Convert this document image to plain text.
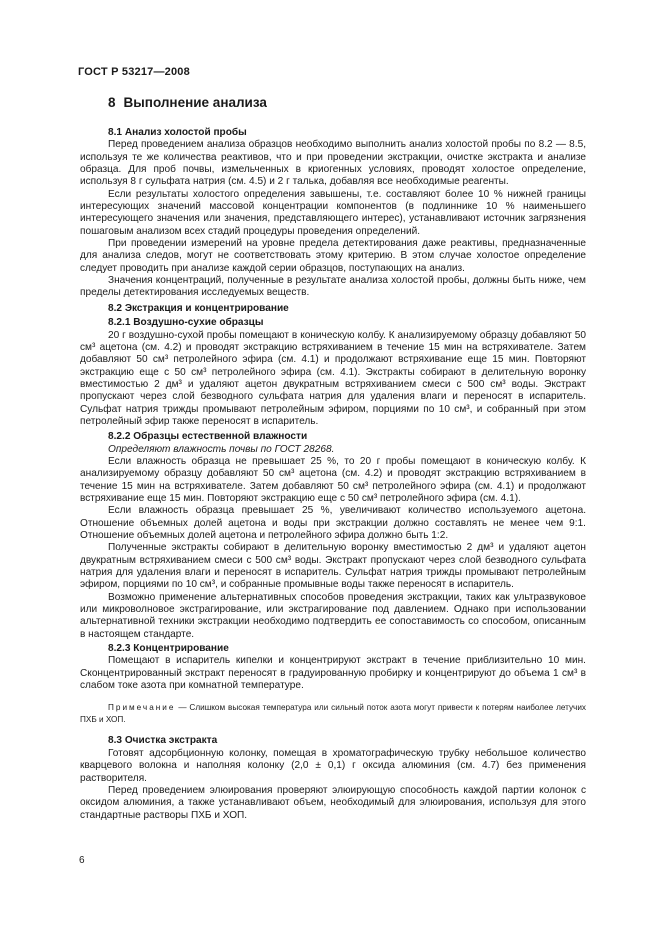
ГОСТ Р 53217—2008
8 Выполнение анализа

8.1 Анализ холостой пробы

Перед проведением анализа образцов необходимо выполнить анализ холостой пробы по 8.2 — 8.5, используя те же количества реактивов, что и при проведении экстракции, очистке экстракта и анализе образца. Для проб почвы, измельченных в криогенных условиях, проводят холостое определение, используя 8 г сульфата натрия (см. 4.5) и 2 г талька, добавляя все необходимые реагенты.

Если результаты холостого определения завышены, т.е. составляют более 10 % нижней границы интересующих значений массовой концентрации компонентов (в подлиннике 10 % наименьшего интересующего значения или значения, представляющего интерес), устанавливают источник загрязнения пошаговым анализом всех стадий процедуры проведения определений.

При проведении измерений на уровне предела детектирования даже реактивы, предназначенные для анализа следов, могут не соответствовать этому критерию. В этом случае холостое определение следует проводить при анализе каждой серии образцов, поступающих на анализ.

Значения концентраций, полученные в результате анализа холостой пробы, должны быть ниже, чем пределы детектирования исследуемых веществ.

8.2 Экстракция и концентрирование

8.2.1 Воздушно-сухие образцы

20 г воздушно-сухой пробы помещают в коническую колбу. К анализируемому образцу добавляют 50 см³ ацетона (см. 4.2) и проводят экстракцию встряхиванием в течение 15 мин на встряхивателе. Затем добавляют 50 см³ петролейного эфира (см. 4.1) и продолжают встряхивание еще 15 мин. Повторяют экстракцию еще с 50 см³ петролейного эфира (см. 4.1). Экстракты собирают в делительную воронку вместимостью 2 дм³ и удаляют ацетон двукратным встряхиванием смеси с 500 см³ воды. Экстракт пропускают через слой безводного сульфата натрия для удаления влаги и переносят в испаритель. Сульфат натрия трижды промывают петролейным эфиром, порциями по 10 см³, и собранный при этом петролейный эфир также переносят в испаритель.

8.2.2 Образцы естественной влажности

Определяют влажность почвы по ГОСТ 28268.

Если влажность образца не превышает 25 %, то 20 г пробы помещают в коническую колбу. К анализируемому образцу добавляют 50 см³ ацетона (см. 4.2) и проводят экстракцию встряхиванием в течение 15 мин на встряхивателе. Затем добавляют 50 см³ петролейного эфира (см. 4.1) и продолжают встряхивание еще 15 мин. Повторяют экстракцию еще с 50 см³ петролейного эфира (см. 4.1).

Если влажность образца превышает 25 %, увеличивают количество используемого ацетона. Отношение объемных долей ацетона и воды при экстракции должно составлять не менее чем 9:1. Отношение объемных долей ацетона и петролейного эфира должно быть 1:2.

Полученные экстракты собирают в делительную воронку вместимостью 2 дм³ и удаляют ацетон двукратным встряхиванием смеси с 500 см³ воды. Экстракт пропускают через слой безводного сульфата натрия для удаления влаги и переносят в испаритель. Сульфат натрия трижды промывают петролейным эфиром, порциями по 10 см³, и собранные промывные воды также переносят в испаритель.

Возможно применение альтернативных способов проведения экстракции, таких как ультразвуковое или микроволновое экстрагирование, или экстрагирование под давлением. Однако при использовании альтернативной техники экстракции необходимо подтвердить ее сопоставимость со способом, описанным в настоящем стандарте.

8.2.3 Концентрирование

Помещают в испаритель кипелки и концентрируют экстракт в течение приблизительно 10 мин. Сконцентрированный экстракт переносят в градуированную пробирку и концентрируют до объема 1 см³ в слабом токе азота при комнатной температуре.

Примечание — Слишком высокая температура или сильный поток азота могут привести к потерям наиболее летучих ПХБ и ХОП.

8.3 Очистка экстракта

Готовят адсорбционную колонку, помещая в хроматографическую трубку небольшое количество кварцевого волокна и наполняя колонку (2,0 ± 0,1) г оксида алюминия (см. 4.7) без применения растворителя.

Перед проведением элюирования проверяют элюирующую способность каждой партии колонок с оксидом алюминия, а также устанавливают объем, необходимый для элюирования, используя для этого стандартные растворы ПХБ и ХОП.

6
